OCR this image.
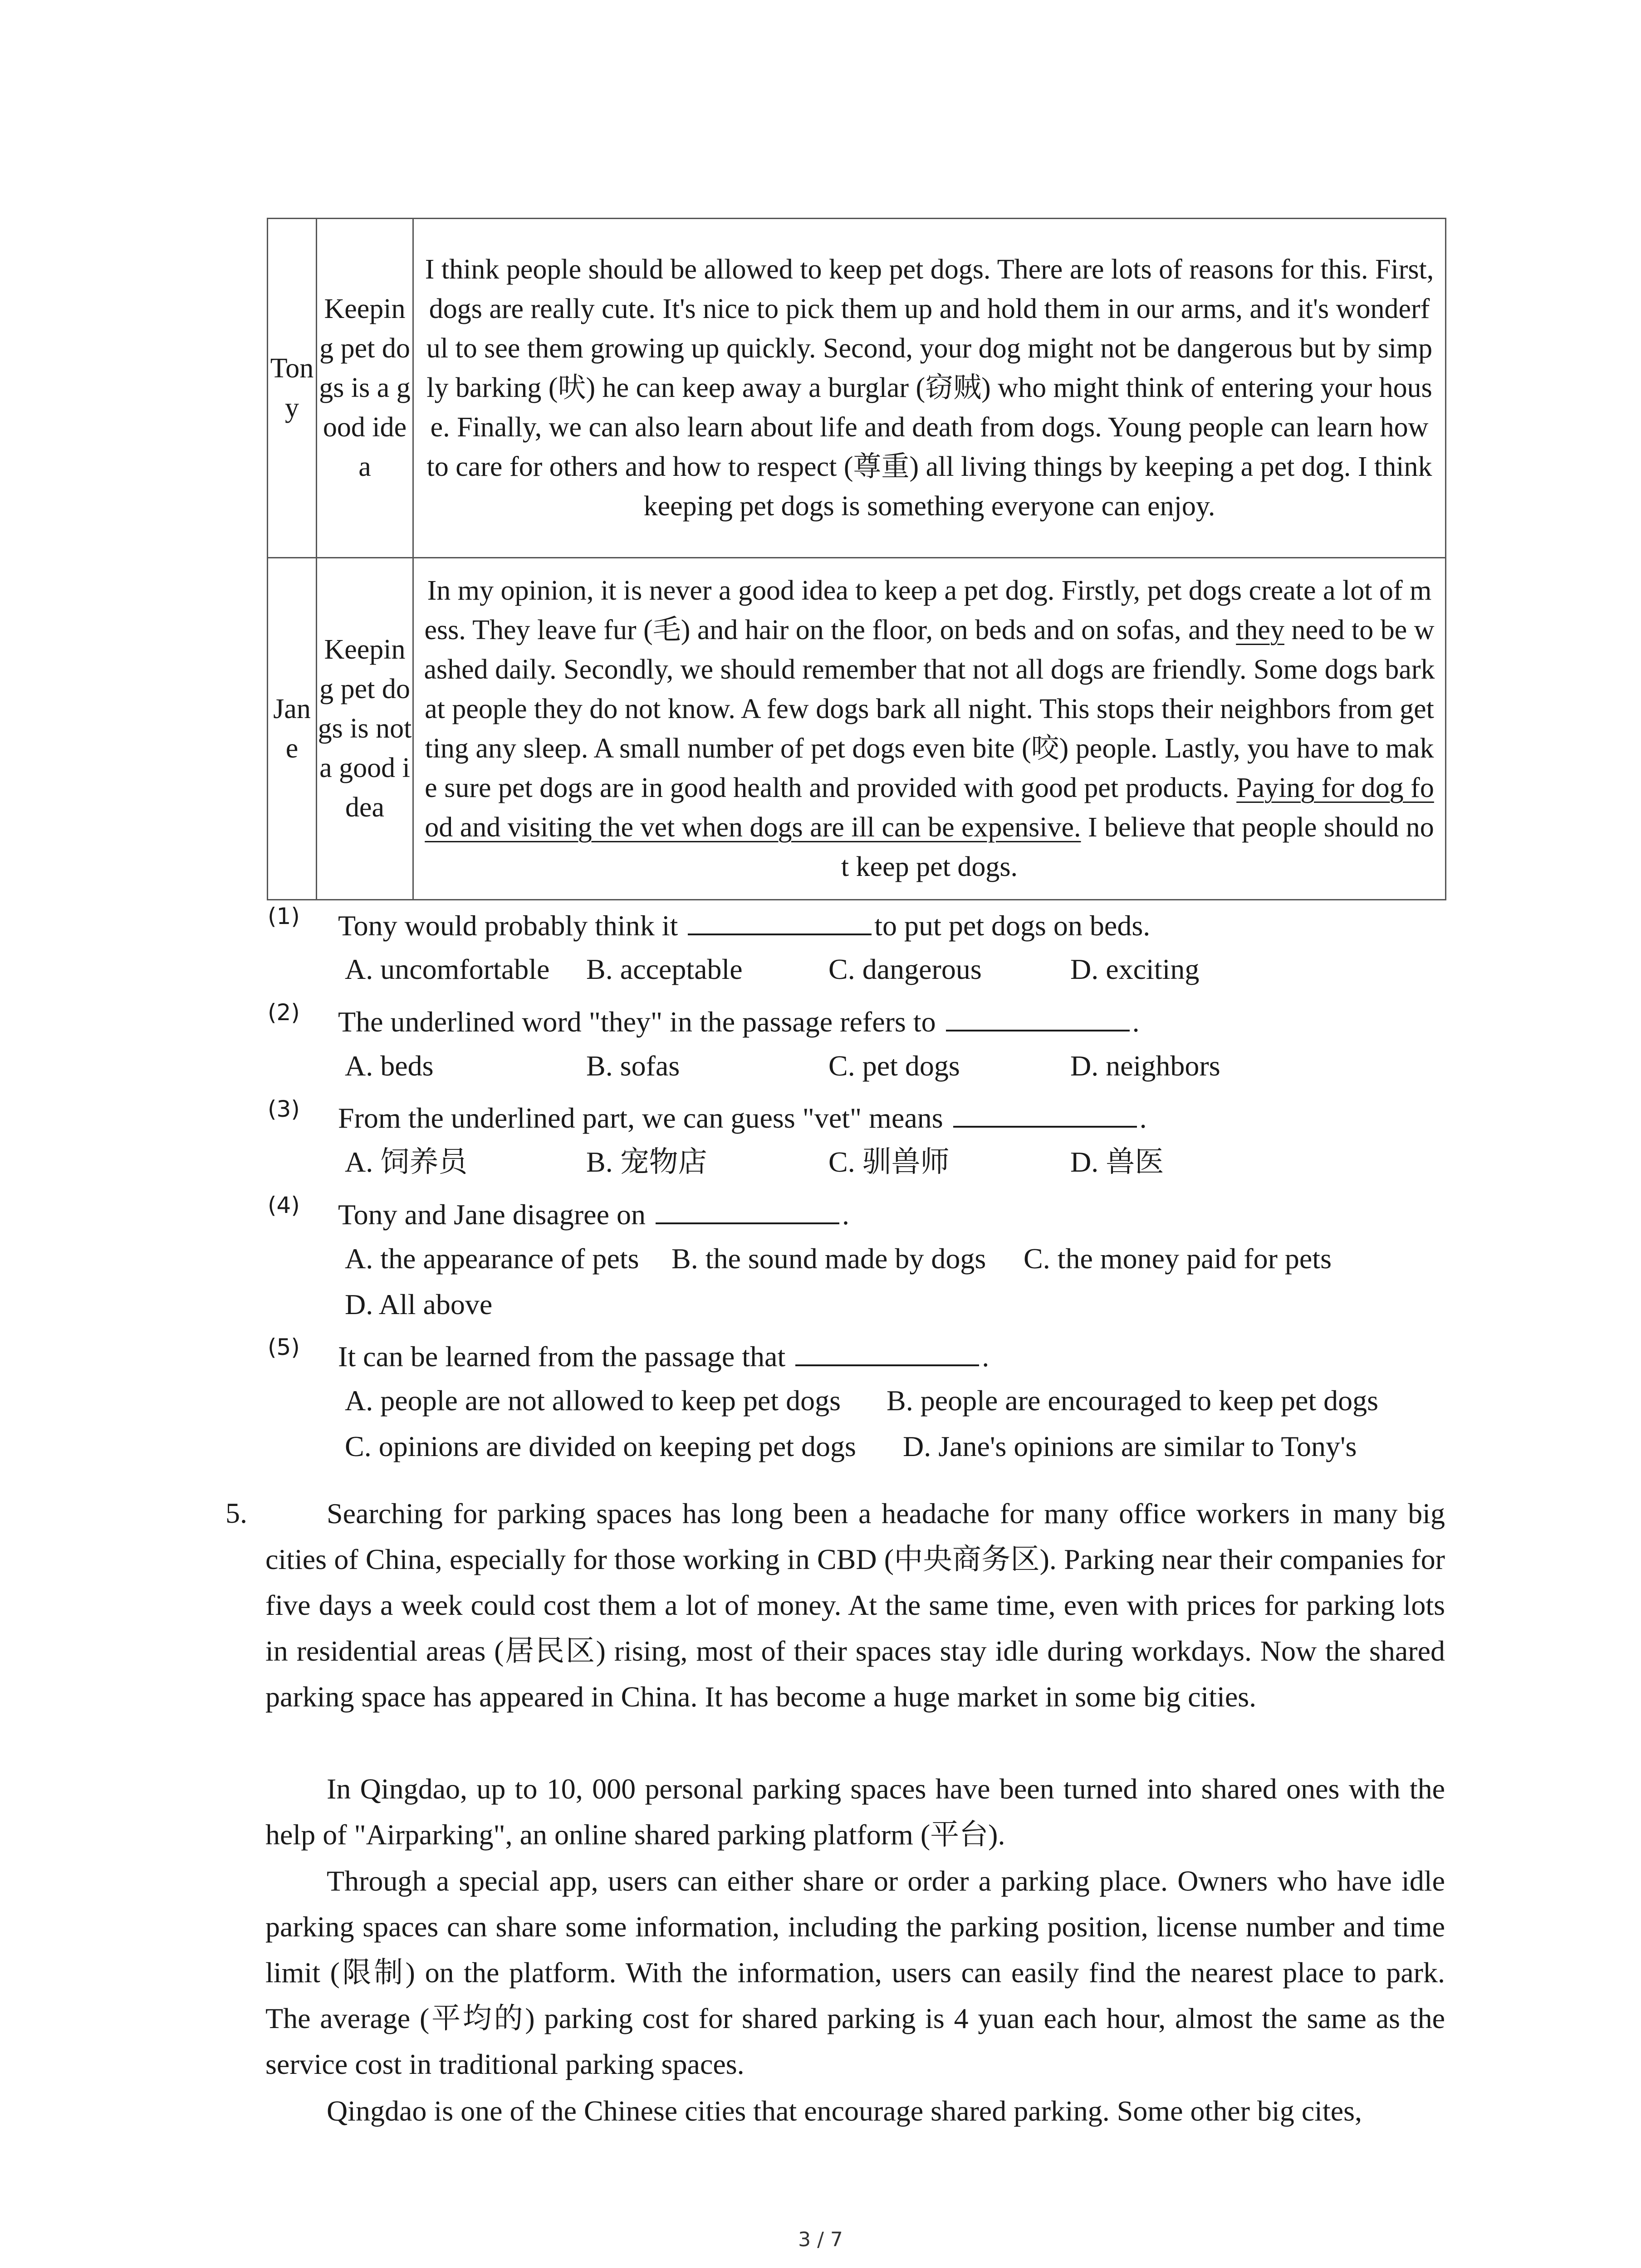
Tony	Keeping pet dogs is a good idea	I think people should be allowed to keep pet dogs. There are lots of reasons for this. First, dogs are really cute. It's nice to pick them up and hold them in our arms, and it's wonderful to see them growing up quickly. Second, your dog might not be dangerous but by simply barking (吠) he can keep away a burglar (窃贼) who might think of entering your house. Finally, we can also learn about life and death from dogs. Young people can learn how to care for others and how to respect (尊重) all living things by keeping a pet dog. I think keeping pet dogs is something everyone can enjoy.
Jane	Keeping pet dogs is not a good idea	In my opinion, it is never a good idea to keep a pet dog. Firstly, pet dogs create a lot of mess. They leave fur (毛) and hair on the floor, on beds and on sofas, and they need to be washed daily. Secondly, we should remember that not all dogs are friendly. Some dogs bark at people they do not know. A few dogs bark all night. This stops their neighbors from getting any sleep. A small number of pet dogs even bite (咬) people. Lastly, you have to make sure pet dogs are in good health and provided with good pet products. Paying for dog food and visiting the vet when dogs are ill can be expensive. I believe that people should not keep pet dogs.
(1) Tony would probably think it	to put pet dogs on beds.
A. uncomfortable B. acceptable	C. dangerous	D. exciting
(2) The underlined word "they" in the passage refers to	.
A. beds	B. sofas	C. pet dogs	D. neighbors
(3) From the underlined part, we can guess "vet" means	.
A. 饲养员	B. 宠物店	C. 驯兽师	D. 兽医
(4) Tony and Jane disagree on	.
A. the appearance of pets B. the sound made by dogs C. the money paid for pets
D. All above
(5) It can be learned from the passage that	.
A. people are not allowed to keep pet dogs B. people are encouraged to keep pet dogs
C. opinions are divided on keeping pet dogs D. Jane's opinions are similar to Tony's
5.	Searching for parking spaces has long been a headache for many office workers in many big cities of China, especially for those working in CBD (中央商务区). Parking near their companies for five days a week could cost them a lot of money. At the same time, even with prices for parking lots in residential areas (居民区) rising, most of their spaces stay idle during workdays. Now the shared parking space has appeared in China. It has become a huge market in some big cities.
In Qingdao, up to 10, 000 personal parking spaces have been turned into shared ones with the help of "Airparking", an online shared parking platform (平台).
Through a special app, users can either share or order a parking place. Owners who have idle parking spaces can share some information, including the parking position, license number and time limit (限制) on the platform. With the information, users can easily find the nearest place to park. The average (平均的) parking cost for shared parking is 4 yuan each hour, almost the same as the service cost in traditional parking spaces.
Qingdao is one of the Chinese cities that encourage shared parking. Some other big cites,
3 / 7
